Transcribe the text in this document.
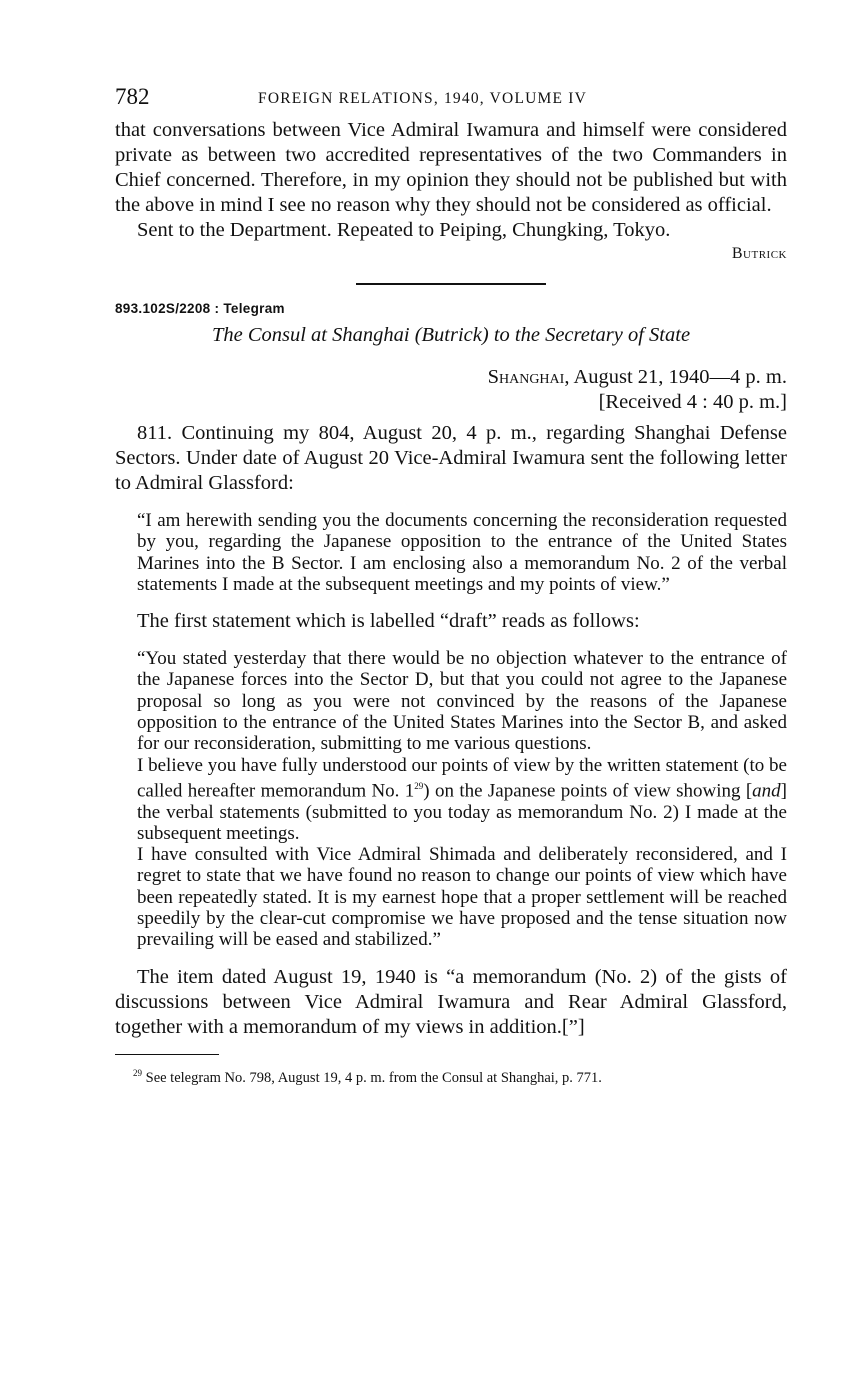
782	FOREIGN RELATIONS, 1940, VOLUME IV

that conversations between Vice Admiral Iwamura and himself were considered private as between two accredited representatives of the two Commanders in Chief concerned. Therefore, in my opinion they should not be published but with the above in mind I see no reason why they should not be considered as official.

Sent to the Department. Repeated to Peiping, Chungking, Tokyo.

Butrick

893.102S/2208 : Telegram

The Consul at Shanghai (Butrick) to the Secretary of State

Shanghai, August 21, 1940—4 p. m.
[Received 4 : 40 p. m.]

811. Continuing my 804, August 20, 4 p. m., regarding Shanghai Defense Sectors. Under date of August 20 Vice-Admiral Iwamura sent the following letter to Admiral Glassford:

“I am herewith sending you the documents concerning the reconsideration requested by you, regarding the Japanese opposition to the entrance of the United States Marines into the B Sector. I am enclosing also a memorandum No. 2 of the verbal statements I made at the subsequent meetings and my points of view.”

The first statement which is labelled “draft” reads as follows:

“You stated yesterday that there would be no objection whatever to the entrance of the Japanese forces into the Sector D, but that you could not agree to the Japanese proposal so long as you were not convinced by the reasons of the Japanese opposition to the entrance of the United States Marines into the Sector B, and asked for our reconsideration, submitting to me various questions.

I believe you have fully understood our points of view by the written statement (to be called hereafter memorandum No. $1^{29}$) on the Japanese points of view showing [and] the verbal statements (submitted to you today as memorandum No. 2) I made at the subsequent meetings.

I have consulted with Vice Admiral Shimada and deliberately reconsidered, and I regret to state that we have found no reason to change our points of view which have been repeatedly stated. It is my earnest hope that a proper settlement will be reached speedily by the clear-cut compromise we have proposed and the tense situation now prevailing will be eased and stabilized.”

The item dated August 19, 1940 is “a memorandum (No. 2) of the gists of discussions between Vice Admiral Iwamura and Rear Admiral Glassford, together with a memorandum of my views in addition.[”]

$^{29}$ See telegram No. 798, August 19, 4 p. m. from the Consul at Shanghai, p. 771.
